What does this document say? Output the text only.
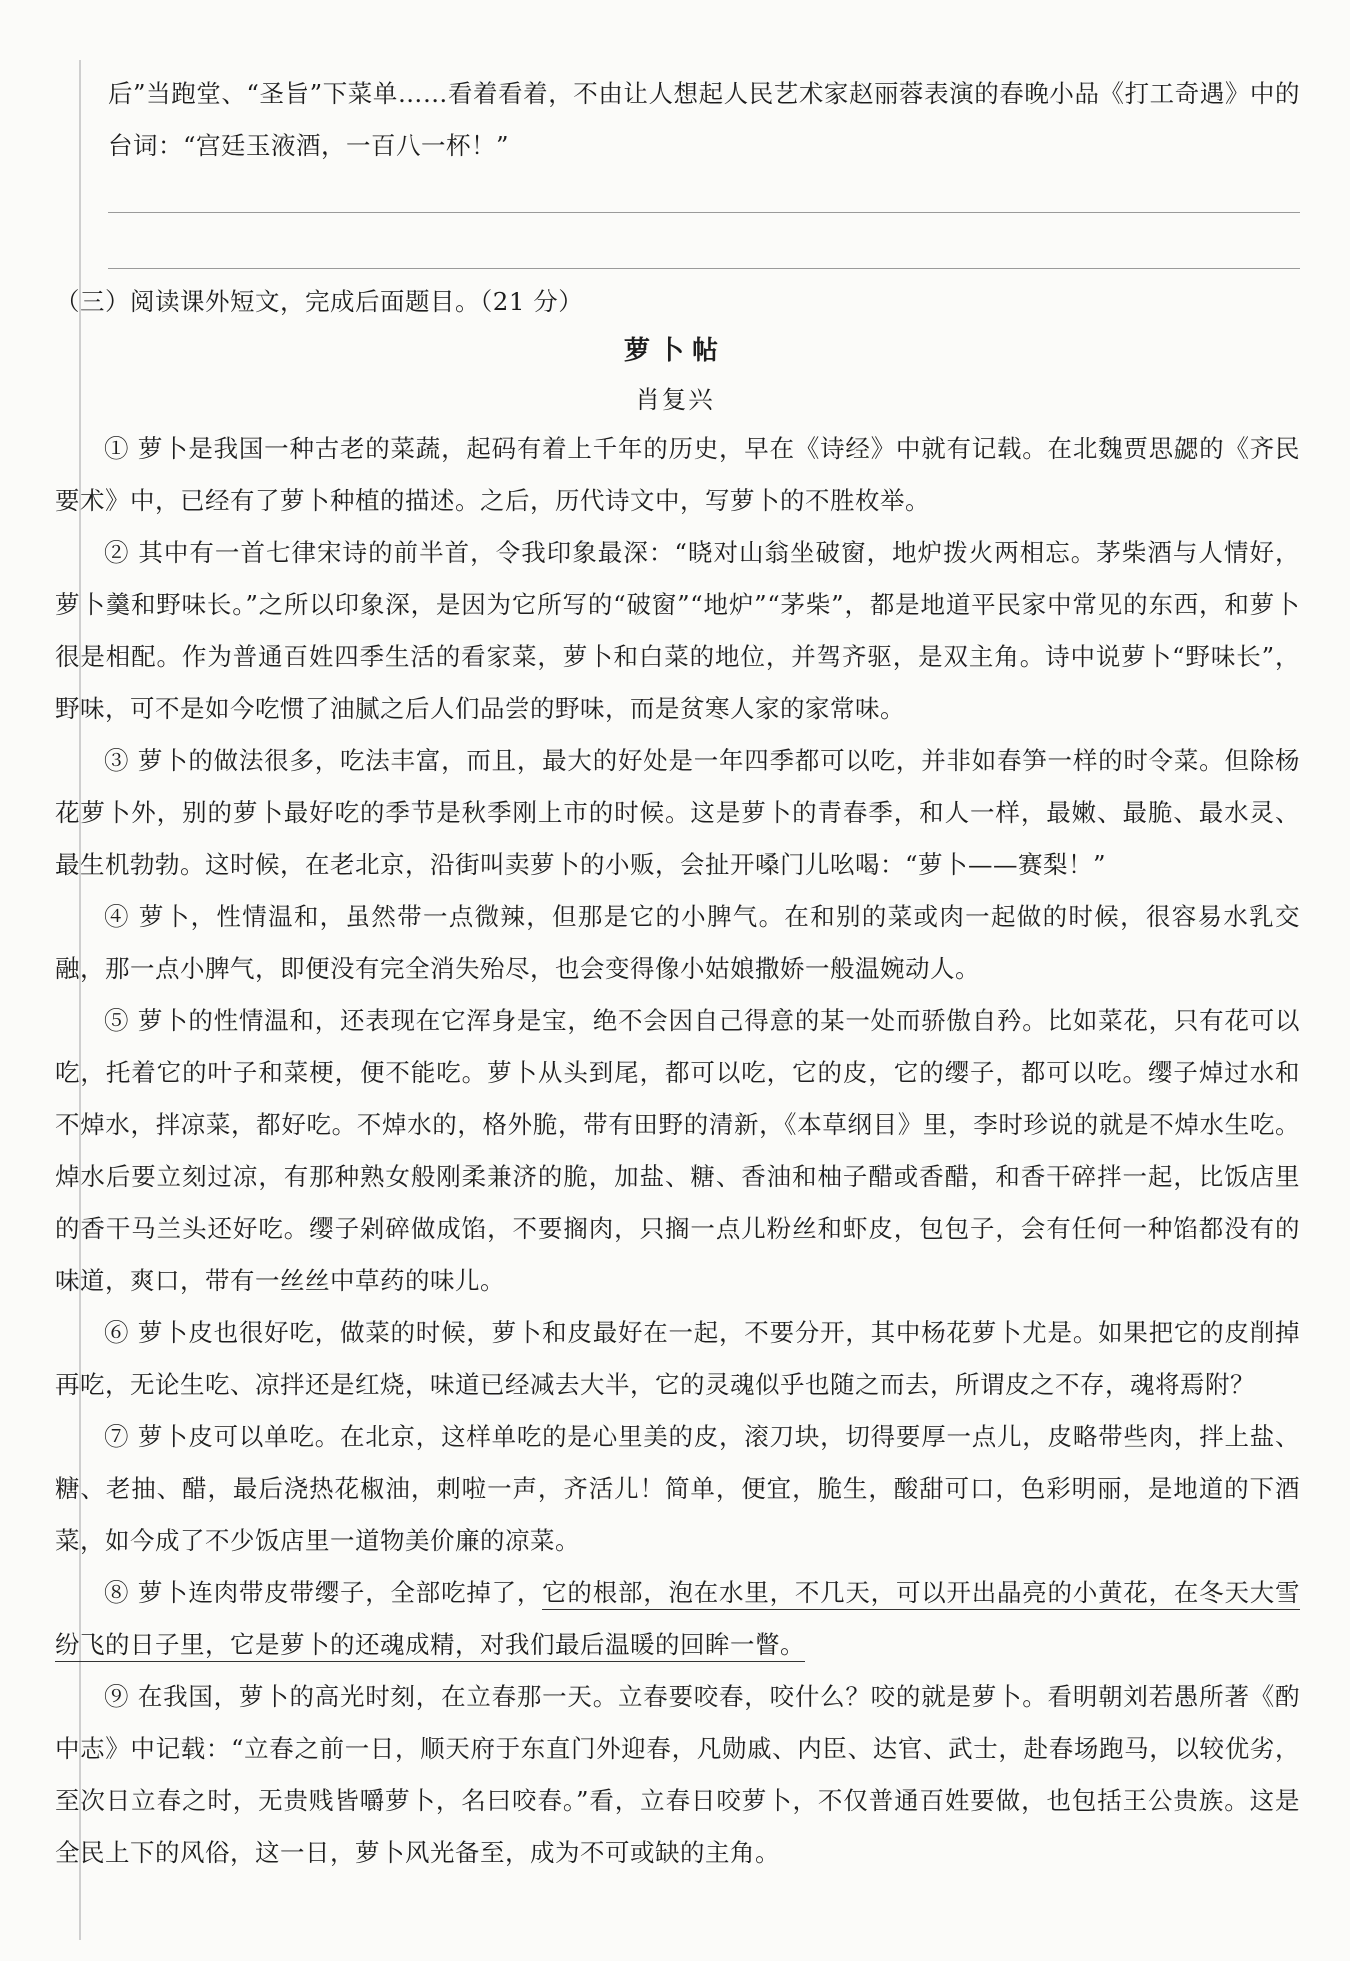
后”当跑堂、“圣旨”下菜单……看着看着，不由让人想起人民艺术家赵丽蓉表演的春晚小品《打工奇遇》中的台词：“宫廷玉液酒，一百八一杯！”
（三）阅读课外短文，完成后面题目。（21 分）
萝卜帖
肖复兴

① 萝卜是我国一种古老的菜蔬，起码有着上千年的历史，早在《诗经》中就有记载。在北魏贾思勰的《齐民要术》中，已经有了萝卜种植的描述。之后，历代诗文中，写萝卜的不胜枚举。

② 其中有一首七律宋诗的前半首，令我印象最深：“晓对山翁坐破窗，地炉拨火两相忘。茅柴酒与人情好，萝卜羹和野味长。”之所以印象深，是因为它所写的“破窗”“地炉”“茅柴”，都是地道平民家中常见的东西，和萝卜很是相配。作为普通百姓四季生活的看家菜，萝卜和白菜的地位，并驾齐驱，是双主角。诗中说萝卜“野味长”，野味，可不是如今吃惯了油腻之后人们品尝的野味，而是贫寒人家的家常味。

③ 萝卜的做法很多，吃法丰富，而且，最大的好处是一年四季都可以吃，并非如春笋一样的时令菜。但除杨花萝卜外，别的萝卜最好吃的季节是秋季刚上市的时候。这是萝卜的青春季，和人一样，最嫩、最脆、最水灵、最生机勃勃。这时候，在老北京，沿街叫卖萝卜的小贩，会扯开嗓门儿吆喝：“萝卜——赛梨！”

④ 萝卜，性情温和，虽然带一点微辣，但那是它的小脾气。在和别的菜或肉一起做的时候，很容易水乳交融，那一点小脾气，即便没有完全消失殆尽，也会变得像小姑娘撒娇一般温婉动人。

⑤ 萝卜的性情温和，还表现在它浑身是宝，绝不会因自己得意的某一处而骄傲自矜。比如菜花，只有花可以吃，托着它的叶子和菜梗，便不能吃。萝卜从头到尾，都可以吃，它的皮，它的缨子，都可以吃。缨子焯过水和不焯水，拌凉菜，都好吃。不焯水的，格外脆，带有田野的清新，《本草纲目》里，李时珍说的就是不焯水生吃。焯水后要立刻过凉，有那种熟女般刚柔兼济的脆，加盐、糖、香油和柚子醋或香醋，和香干碎拌一起，比饭店里的香干马兰头还好吃。缨子剁碎做成馅，不要搁肉，只搁一点儿粉丝和虾皮，包包子，会有任何一种馅都没有的味道，爽口，带有一丝丝中草药的味儿。

⑥ 萝卜皮也很好吃，做菜的时候，萝卜和皮最好在一起，不要分开，其中杨花萝卜尤是。如果把它的皮削掉再吃，无论生吃、凉拌还是红烧，味道已经减去大半，它的灵魂似乎也随之而去，所谓皮之不存，魂将焉附？

⑦ 萝卜皮可以单吃。在北京，这样单吃的是心里美的皮，滚刀块，切得要厚一点儿，皮略带些肉，拌上盐、糖、老抽、醋，最后浇热花椒油，刺啦一声，齐活儿！简单，便宜，脆生，酸甜可口，色彩明丽，是地道的下酒菜，如今成了不少饭店里一道物美价廉的凉菜。

⑧ 萝卜连肉带皮带缨子，全部吃掉了，它的根部，泡在水里，不几天，可以开出晶亮的小黄花，在冬天大雪纷飞的日子里，它是萝卜的还魂成精，对我们最后温暖的回眸一瞥。

⑨ 在我国，萝卜的高光时刻，在立春那一天。立春要咬春，咬什么？咬的就是萝卜。看明朝刘若愚所著《酌中志》中记载：“立春之前一日，顺天府于东直门外迎春，凡勋戚、内臣、达官、武士，赴春场跑马，以较优劣，至次日立春之时，无贵贱皆嚼萝卜，名曰咬春。”看，立春日咬萝卜，不仅普通百姓要做，也包括王公贵族。这是全民上下的风俗，这一日，萝卜风光备至，成为不可或缺的主角。
